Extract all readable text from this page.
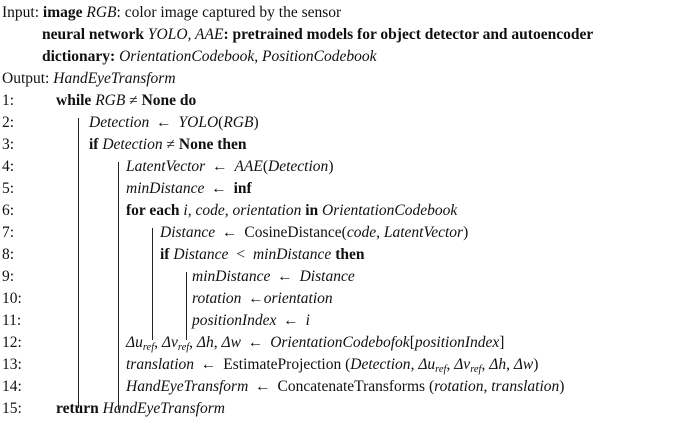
Input: image RGB: color image captured by the sensor
neural network YOLO, AAE: pretrained models for object detector and autoencoder
dictionary: OrientationCodebook, PositionCodebook
Output: HandEyeTransform
1:	while RGB ≠ None do
2:	Detection ← YOLO(RGB)
3:	if Detection ≠ None then
4:	LatentVector ← AAE(Detection)
5:	minDistance ← inf
6:	for each i, code, orientation in OrientationCodebook
7:	Distance ← CosineDistance(code, LatentVector)
8:	if Distance < minDistance then
9:	minDistance ← Distance
10:	rotation ←orientation
11:	positionIndex ← i
12:	$\Delta u_{ref}$, $\Delta v_{ref}$, Δh, Δw ← OrientationCodebofok[positionIndex]
13:	translation ← EstimateProjection (Detection, $\Delta u_{ref}$, $\Delta v_{ref}$, Δh, Δw)
14:	HandEyeTransform ← ConcatenateTransforms (rotation, translation)
15:	return HandEyeTransform
